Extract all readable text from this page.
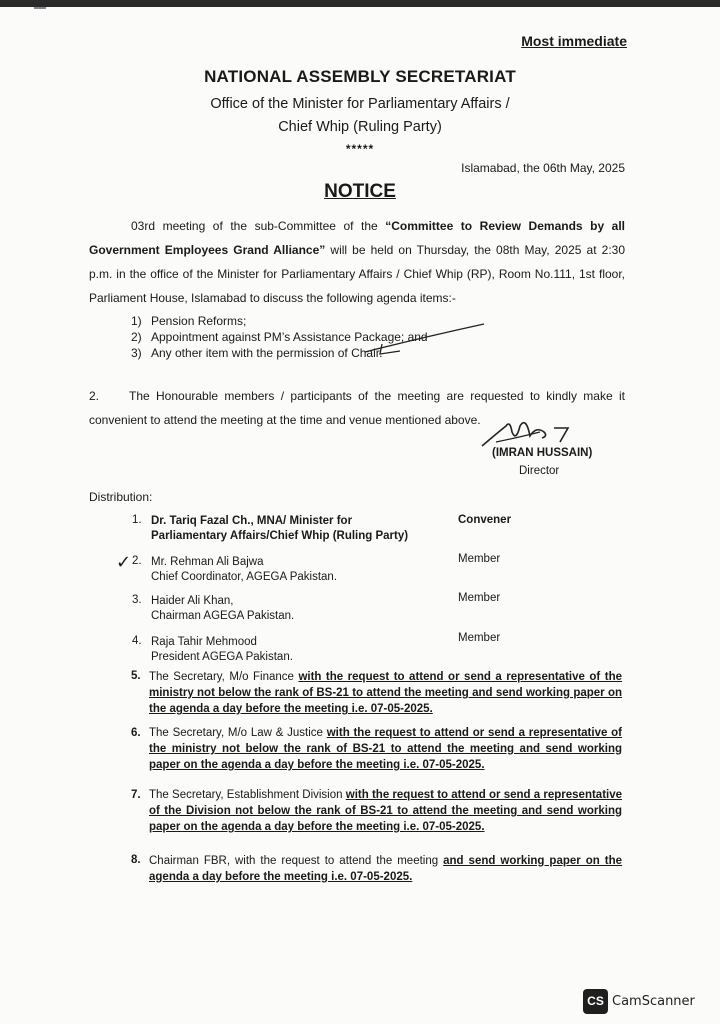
Most immediate
NATIONAL ASSEMBLY SECRETARIAT
Office of the Minister for Parliamentary Affairs /
Chief Whip (Ruling Party)
*****
Islamabad, the 06th May, 2025
NOTICE
03rd meeting of the sub-Committee of the “Committee to Review Demands by all Government Employees Grand Alliance” will be held on Thursday, the 08th May, 2025 at 2:30 p.m. in the office of the Minister for Parliamentary Affairs / Chief Whip (RP), Room No.111, 1st floor, Parliament House, Islamabad to discuss the following agenda items:-
1) Pension Reforms;
2) Appointment against PM’s Assistance Package; and
3) Any other item with the permission of Chair.
2. The Honourable members / participants of the meeting are requested to kindly make it convenient to attend the meeting at the time and venue mentioned above.
(IMRAN HUSSAIN)
Director
Distribution:
1. Dr. Tariq Fazal Ch., MNA/ Minister for
Parliamentary Affairs/Chief Whip (Ruling Party)
Convener
✓ 2. Mr. Rehman Ali Bajwa
Chief Coordinator, AGEGA Pakistan.
Member
3. Haider Ali Khan,
Chairman AGEGA Pakistan.
Member
4. Raja Tahir Mehmood
President AGEGA Pakistan.
Member
5. The Secretary, M/o Finance with the request to attend or send a representative of the ministry not below the rank of BS-21 to attend the meeting and send working paper on the agenda a day before the meeting i.e. 07-05-2025.
6. The Secretary, M/o Law & Justice with the request to attend or send a representative of the ministry not below the rank of BS-21 to attend the meeting and send working paper on the agenda a day before the meeting i.e. 07-05-2025.
7. The Secretary, Establishment Division with the request to attend or send a representative of the Division not below the rank of BS-21 to attend the meeting and send working paper on the agenda a day before the meeting i.e. 07-05-2025.
8. Chairman FBR, with the request to attend the meeting and send working paper on the agenda a day before the meeting i.e. 07-05-2025.
CS CamScanner
